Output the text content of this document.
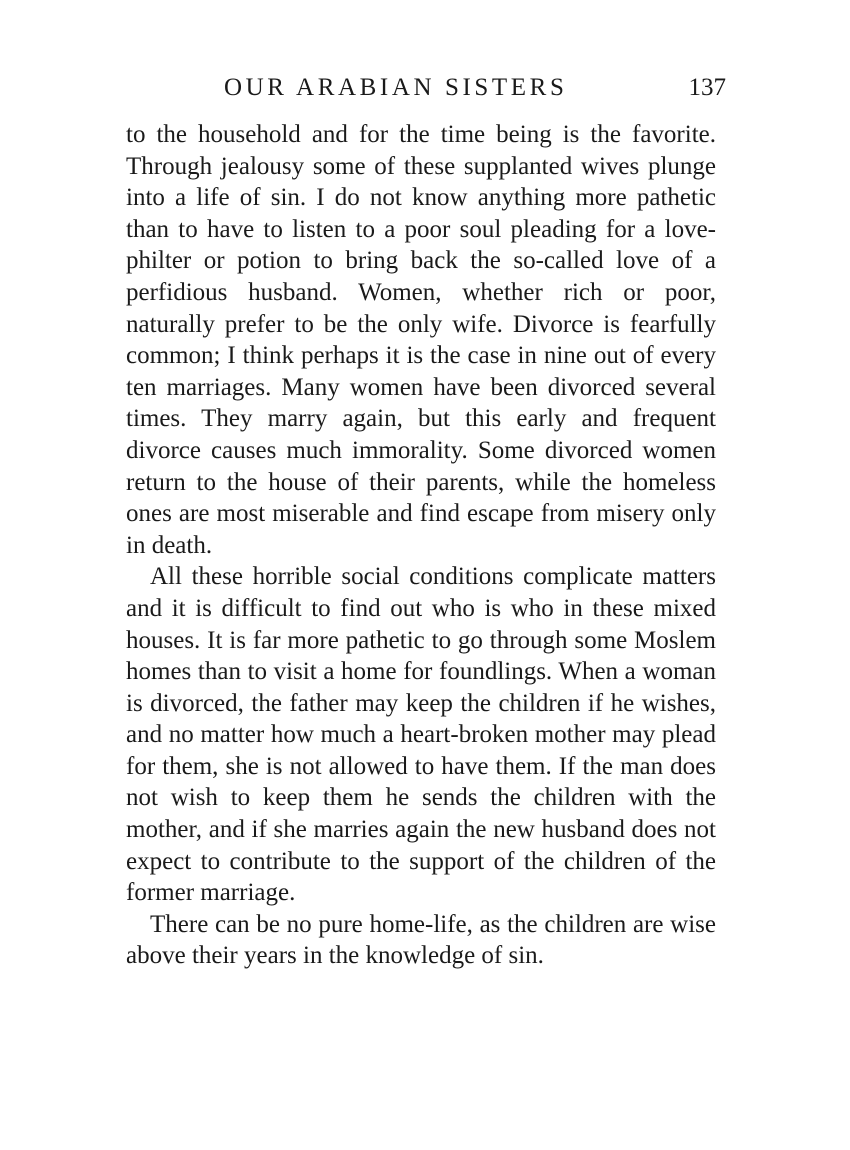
OUR ARABIAN SISTERS	137

to the household and for the time being is the favorite. Through jealousy some of these supplanted wives plunge into a life of sin. I do not know anything more pathetic than to have to listen to a poor soul pleading for a love-philter or potion to bring back the so-called love of a perfidious husband. Women, whether rich or poor, naturally prefer to be the only wife. Divorce is fearfully common; I think perhaps it is the case in nine out of every ten marriages. Many women have been divorced several times. They marry again, but this early and frequent divorce causes much immorality. Some divorced women return to the house of their parents, while the homeless ones are most miserable and find escape from misery only in death.

All these horrible social conditions complicate matters and it is difficult to find out who is who in these mixed houses. It is far more pathetic to go through some Moslem homes than to visit a home for foundlings. When a woman is divorced, the father may keep the children if he wishes, and no matter how much a heart-broken mother may plead for them, she is not allowed to have them. If the man does not wish to keep them he sends the children with the mother, and if she marries again the new husband does not expect to contribute to the support of the children of the former marriage.

There can be no pure home-life, as the children are wise above their years in the knowledge of sin.
